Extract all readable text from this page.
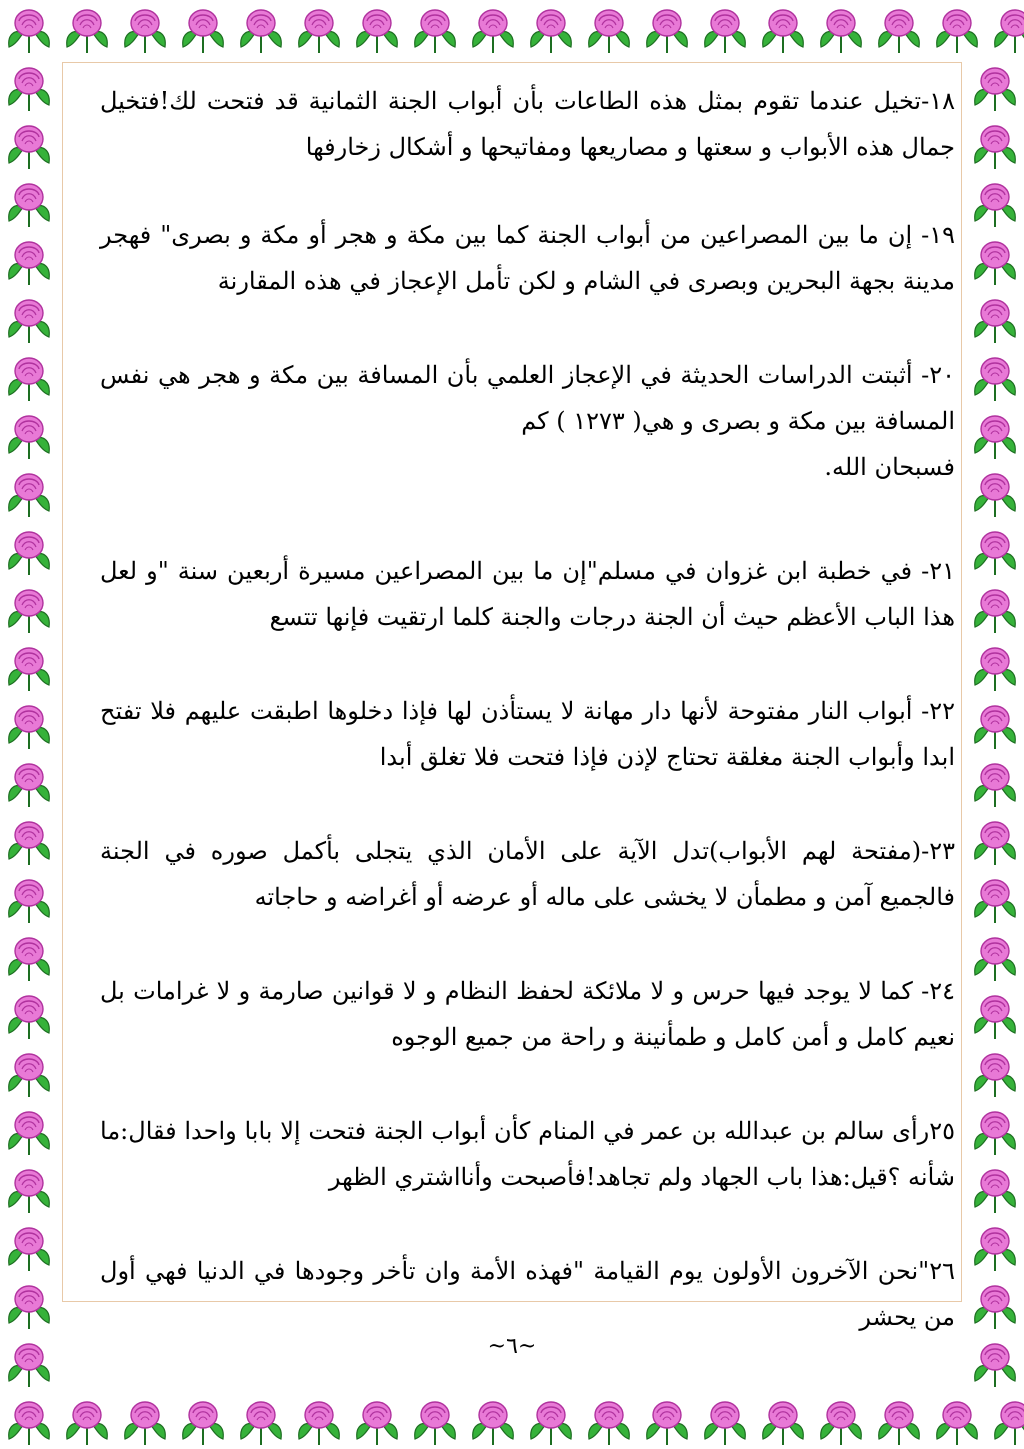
١٨-تخيل عندما تقوم بمثل هذه الطاعات بأن أبواب الجنة الثمانية قد فتحت لك!فتخيل جمال هذه الأبواب و سعتها و مصاريعها ومفاتيحها و أشكال زخارفها

١٩- إن ما بين المصراعين من أبواب الجنة كما بين مكة و هجر أو مكة و بصرى" فهجر مدينة بجهة البحرين وبصرى في الشام و لكن تأمل الإعجاز في هذه المقارنة

٢٠- أثبتت الدراسات الحديثة في الإعجاز العلمي بأن المسافة بين مكة و هجر هي نفس المسافة بين مكة و بصرى و هي( ١٢٧٣ ) كم

فسبحان الله.

٢١- في خطبة ابن غزوان في مسلم"إن ما بين المصراعين مسيرة أربعين سنة "و لعل هذا الباب الأعظم حيث أن الجنة درجات والجنة كلما ارتقيت فإنها تتسع

٢٢- أبواب النار مفتوحة لأنها دار مهانة لا يستأذن لها فإذا دخلوها اطبقت عليهم فلا تفتح ابدا وأبواب الجنة مغلقة تحتاج لإذن فإذا فتحت فلا تغلق أبدا

٢٣-(مفتحة لهم الأبواب)تدل الآية على الأمان الذي يتجلى بأكمل صوره في الجنة فالجميع آمن و مطمأن لا يخشى على ماله أو عرضه أو أغراضه و حاجاته

٢٤- كما لا يوجد فيها حرس و لا ملائكة لحفظ النظام و لا قوانين صارمة و لا غرامات بل نعيم كامل و أمن كامل و طمأنينة و راحة من جميع الوجوه

٢٥رأى سالم بن عبدالله بن عمر في المنام كأن أبواب الجنة فتحت إلا بابا واحدا فقال:ما شأنه ؟قيل:هذا باب الجهاد ولم تجاهد!فأصبحت وأنااشتري الظهر

٢٦"نحن الآخرون الأولون يوم القيامة "فهذه الأمة وان تأخر وجودها في الدنيا فهي أول من يحشر

~٦~
